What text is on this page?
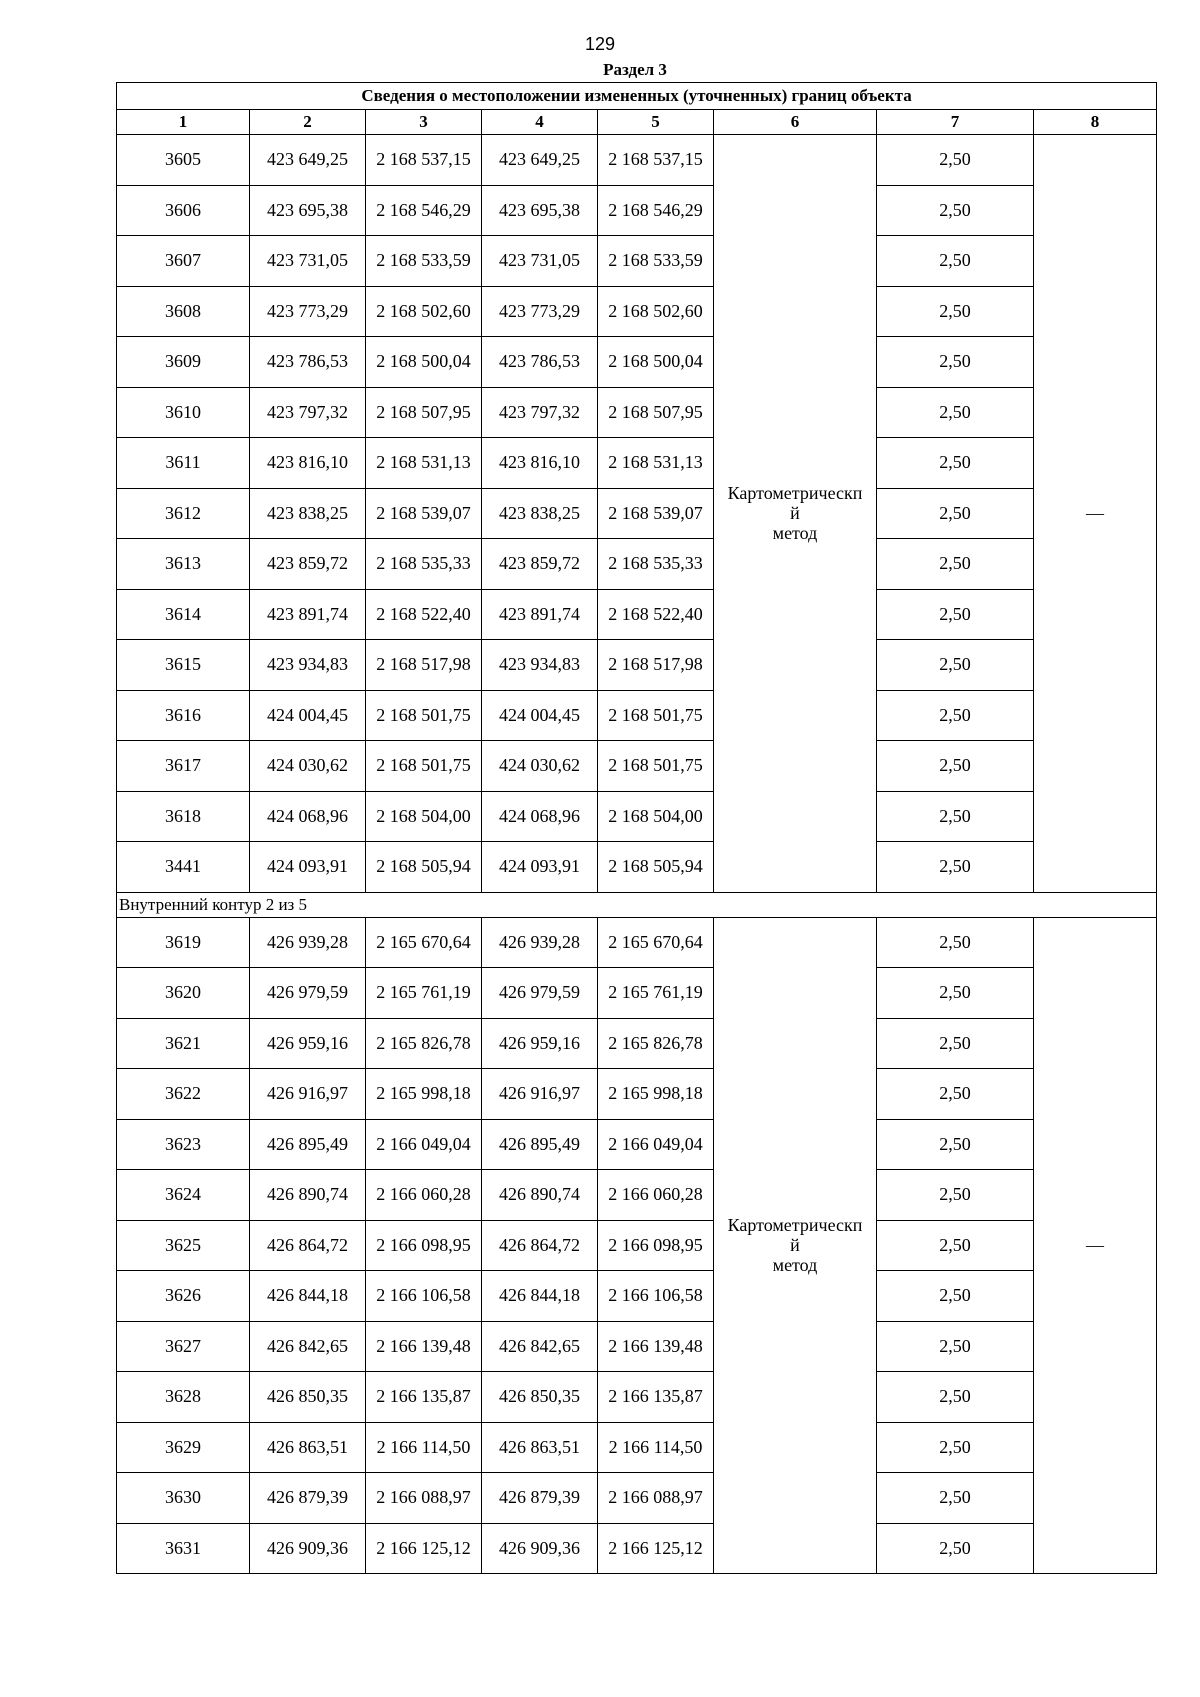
129
Раздел 3
Сведения о местоположении измененных (уточненных) границ объекта							
1	2	3	4	5	6	7	8
3605	423 649,25	2 168 537,15	423 649,25	2 168 537,15	Картометрическп
й
метод	2,50	—
3606	423 695,38	2 168 546,29	423 695,38	2 168 546,29		2,50	
3607	423 731,05	2 168 533,59	423 731,05	2 168 533,59		2,50	
3608	423 773,29	2 168 502,60	423 773,29	2 168 502,60		2,50	
3609	423 786,53	2 168 500,04	423 786,53	2 168 500,04		2,50	
3610	423 797,32	2 168 507,95	423 797,32	2 168 507,95		2,50	
3611	423 816,10	2 168 531,13	423 816,10	2 168 531,13		2,50	
3612	423 838,25	2 168 539,07	423 838,25	2 168 539,07		2,50	
3613	423 859,72	2 168 535,33	423 859,72	2 168 535,33		2,50	
3614	423 891,74	2 168 522,40	423 891,74	2 168 522,40		2,50	
3615	423 934,83	2 168 517,98	423 934,83	2 168 517,98		2,50	
3616	424 004,45	2 168 501,75	424 004,45	2 168 501,75		2,50	
3617	424 030,62	2 168 501,75	424 030,62	2 168 501,75		2,50	
3618	424 068,96	2 168 504,00	424 068,96	2 168 504,00		2,50	
3441	424 093,91	2 168 505,94	424 093,91	2 168 505,94		2,50	
Внутренний контур 2 из 5							
3619	426 939,28	2 165 670,64	426 939,28	2 165 670,64	Картометрическп
й
метод	2,50	—
3620	426 979,59	2 165 761,19	426 979,59	2 165 761,19		2,50	
3621	426 959,16	2 165 826,78	426 959,16	2 165 826,78		2,50	
3622	426 916,97	2 165 998,18	426 916,97	2 165 998,18		2,50	
3623	426 895,49	2 166 049,04	426 895,49	2 166 049,04		2,50	
3624	426 890,74	2 166 060,28	426 890,74	2 166 060,28		2,50	
3625	426 864,72	2 166 098,95	426 864,72	2 166 098,95		2,50	
3626	426 844,18	2 166 106,58	426 844,18	2 166 106,58		2,50	
3627	426 842,65	2 166 139,48	426 842,65	2 166 139,48		2,50	
3628	426 850,35	2 166 135,87	426 850,35	2 166 135,87		2,50	
3629	426 863,51	2 166 114,50	426 863,51	2 166 114,50		2,50	
3630	426 879,39	2 166 088,97	426 879,39	2 166 088,97		2,50	
3631	426 909,36	2 166 125,12	426 909,36	2 166 125,12		2,50	
